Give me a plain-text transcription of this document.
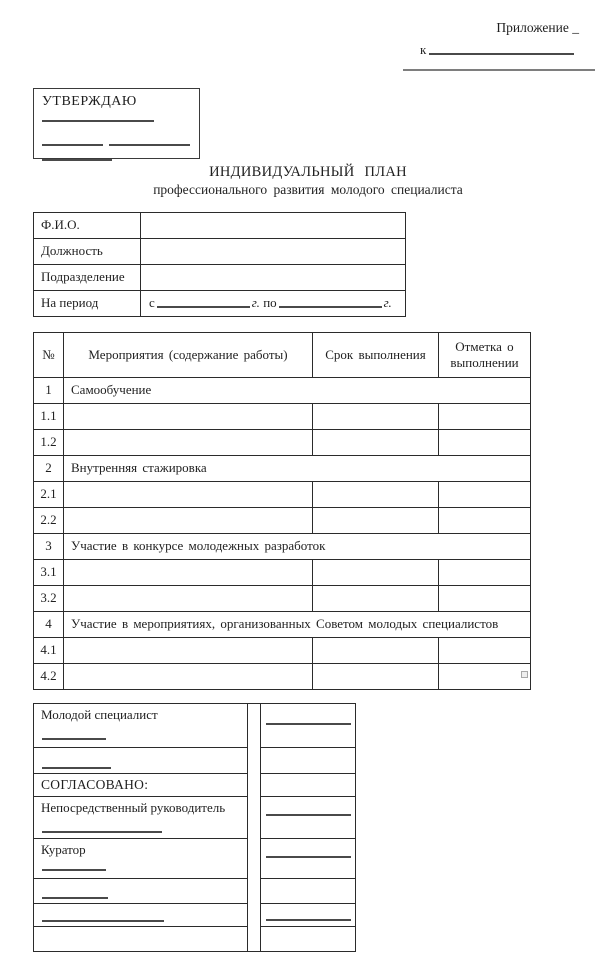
Приложение _
к
УТВЕРЖДАЮ
ИНДИВИДУАЛЬНЫЙ ПЛАН
профессионального развития молодого специалиста
Ф.И.О.	
Должность	
Подразделение	
На период	с г. по г.
№	Мероприятия (содержание работы)	Срок выполнения	Отметка о выполнении
1	Самообучение		
1.1			
1.2			
2	Внутренняя стажировка		
2.1			
2.2			
3	Участие в конкурсе молодежных разработок		
3.1			
3.2			
4	Участие в мероприятиях, организованных Советом молодых специалистов		
4.1			
4.2			
Молодой специалист		

СОГЛАСОВАНО:		

Непосредственный руководитель		

Куратор		
